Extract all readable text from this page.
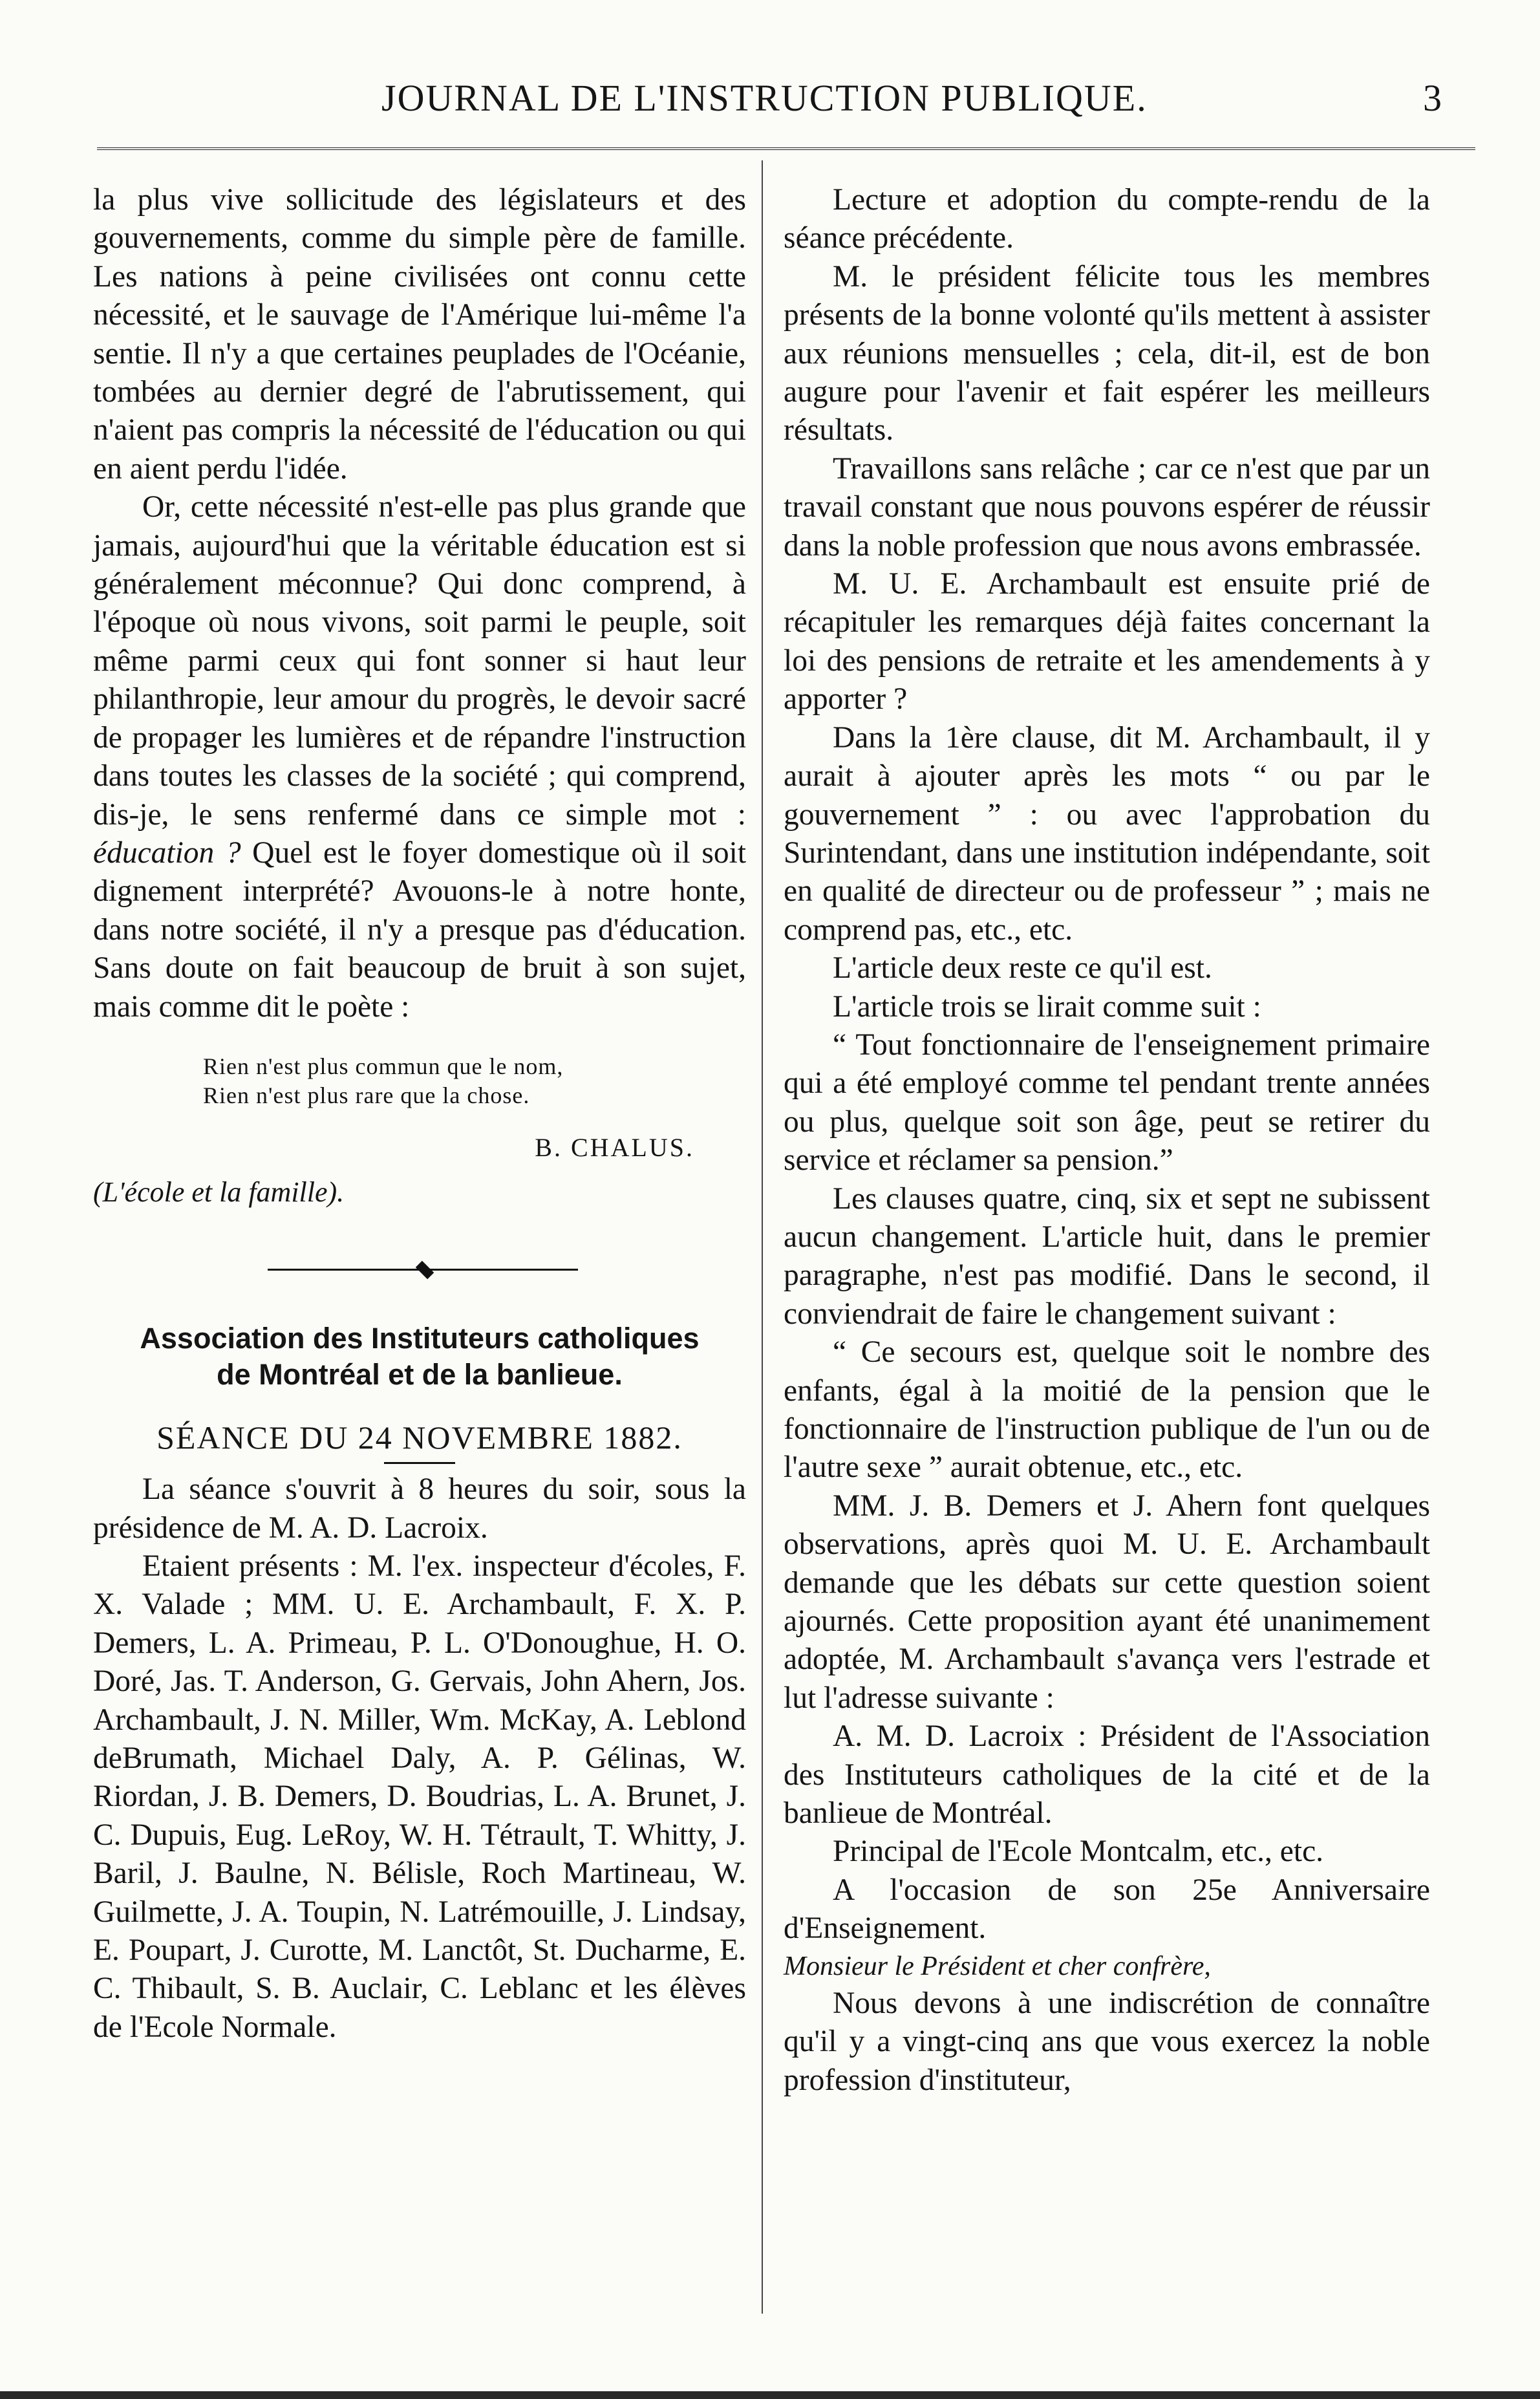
JOURNAL DE L'INSTRUCTION PUBLIQUE.	3

la plus vive sollicitude des législateurs et des gouvernements, comme du simple père de famille. Les nations à peine civilisées ont connu cette nécessité, et le sauvage de l'Amérique lui-même l'a sentie. Il n'y a que certaines peuplades de l'Océanie, tombées au dernier degré de l'abrutissement, qui n'aient pas compris la nécessité de l'éducation ou qui en aient perdu l'idée.

Or, cette nécessité n'est-elle pas plus grande que jamais, aujourd'hui que la véritable éducation est si généralement méconnue? Qui donc comprend, à l'époque où nous vivons, soit parmi le peuple, soit même parmi ceux qui font sonner si haut leur philanthropie, leur amour du progrès, le devoir sacré de propager les lumières et de répandre l'instruction dans toutes les classes de la société ; qui comprend, dis-je, le sens renfermé dans ce simple mot : éducation ? Quel est le foyer domestique où il soit dignement interprété? Avouons-le à notre honte, dans notre société, il n'y a presque pas d'éducation. Sans doute on fait beaucoup de bruit à son sujet, mais comme dit le poète :

Rien n'est plus commun que le nom,
Rien n'est plus rare que la chose.
B. CHALUS.
(L'école et la famille).
Association des Instituteurs catholiques
de Montréal et de la banlieue.
SÉANCE DU 24 NOVEMBRE 1882.

La séance s'ouvrit à 8 heures du soir, sous la présidence de M. A. D. Lacroix.

Etaient présents : M. l'ex. inspecteur d'écoles, F. X. Valade ; MM. U. E. Archambault, F. X. P. Demers, L. A. Primeau, P. L. O'Donoughue, H. O. Doré, Jas. T. Anderson, G. Gervais, John Ahern, Jos. Archambault, J. N. Miller, Wm. McKay, A. Leblond deBrumath, Michael Daly, A. P. Gélinas, W. Riordan, J. B. Demers, D. Boudrias, L. A. Brunet, J. C. Dupuis, Eug. LeRoy, W. H. Tétrault, T. Whitty, J. Baril, J. Baulne, N. Bélisle, Roch Martineau, W. Guilmette, J. A. Toupin, N. Latrémouille, J. Lindsay, E. Poupart, J. Curotte, M. Lanctôt, St. Ducharme, E. C. Thibault, S. B. Auclair, C. Leblanc et les élèves de l'Ecole Normale.

Lecture et adoption du compte-rendu de la séance précédente.

M. le président félicite tous les membres présents de la bonne volonté qu'ils mettent à assister aux réunions mensuelles ; cela, dit-il, est de bon augure pour l'avenir et fait espérer les meilleurs résultats.

Travaillons sans relâche ; car ce n'est que par un travail constant que nous pouvons espérer de réussir dans la noble profession que nous avons embrassée.

M. U. E. Archambault est ensuite prié de récapituler les remarques déjà faites concernant la loi des pensions de retraite et les amendements à y apporter ?

Dans la 1ère clause, dit M. Archambault, il y aurait à ajouter après les mots “ ou par le gouvernement ” : ou avec l'approbation du Surintendant, dans une institution indépendante, soit en qualité de directeur ou de professeur ” ; mais ne comprend pas, etc., etc.

L'article deux reste ce qu'il est.

L'article trois se lirait comme suit :

“ Tout fonctionnaire de l'enseignement primaire qui a été employé comme tel pendant trente années ou plus, quelque soit son âge, peut se retirer du service et réclamer sa pension.”

Les clauses quatre, cinq, six et sept ne subissent aucun changement. L'article huit, dans le premier paragraphe, n'est pas modifié. Dans le second, il conviendrait de faire le changement suivant :

“ Ce secours est, quelque soit le nombre des enfants, égal à la moitié de la pension que le fonctionnaire de l'instruction publique de l'un ou de l'autre sexe ” aurait obtenue, etc., etc.

MM. J. B. Demers et J. Ahern font quelques observations, après quoi M. U. E. Archambault demande que les débats sur cette question soient ajournés. Cette proposition ayant été unanimement adoptée, M. Archambault s'avança vers l'estrade et lut l'adresse suivante :

A. M. D. Lacroix : Président de l'Association des Instituteurs catholiques de la cité et de la banlieue de Montréal.

Principal de l'Ecole Montcalm, etc., etc.

A l'occasion de son 25e Anniversaire d'Enseignement.

Monsieur le Président et cher confrère,

Nous devons à une indiscrétion de connaître qu'il y a vingt-cinq ans que vous exercez la noble profession d'instituteur,
